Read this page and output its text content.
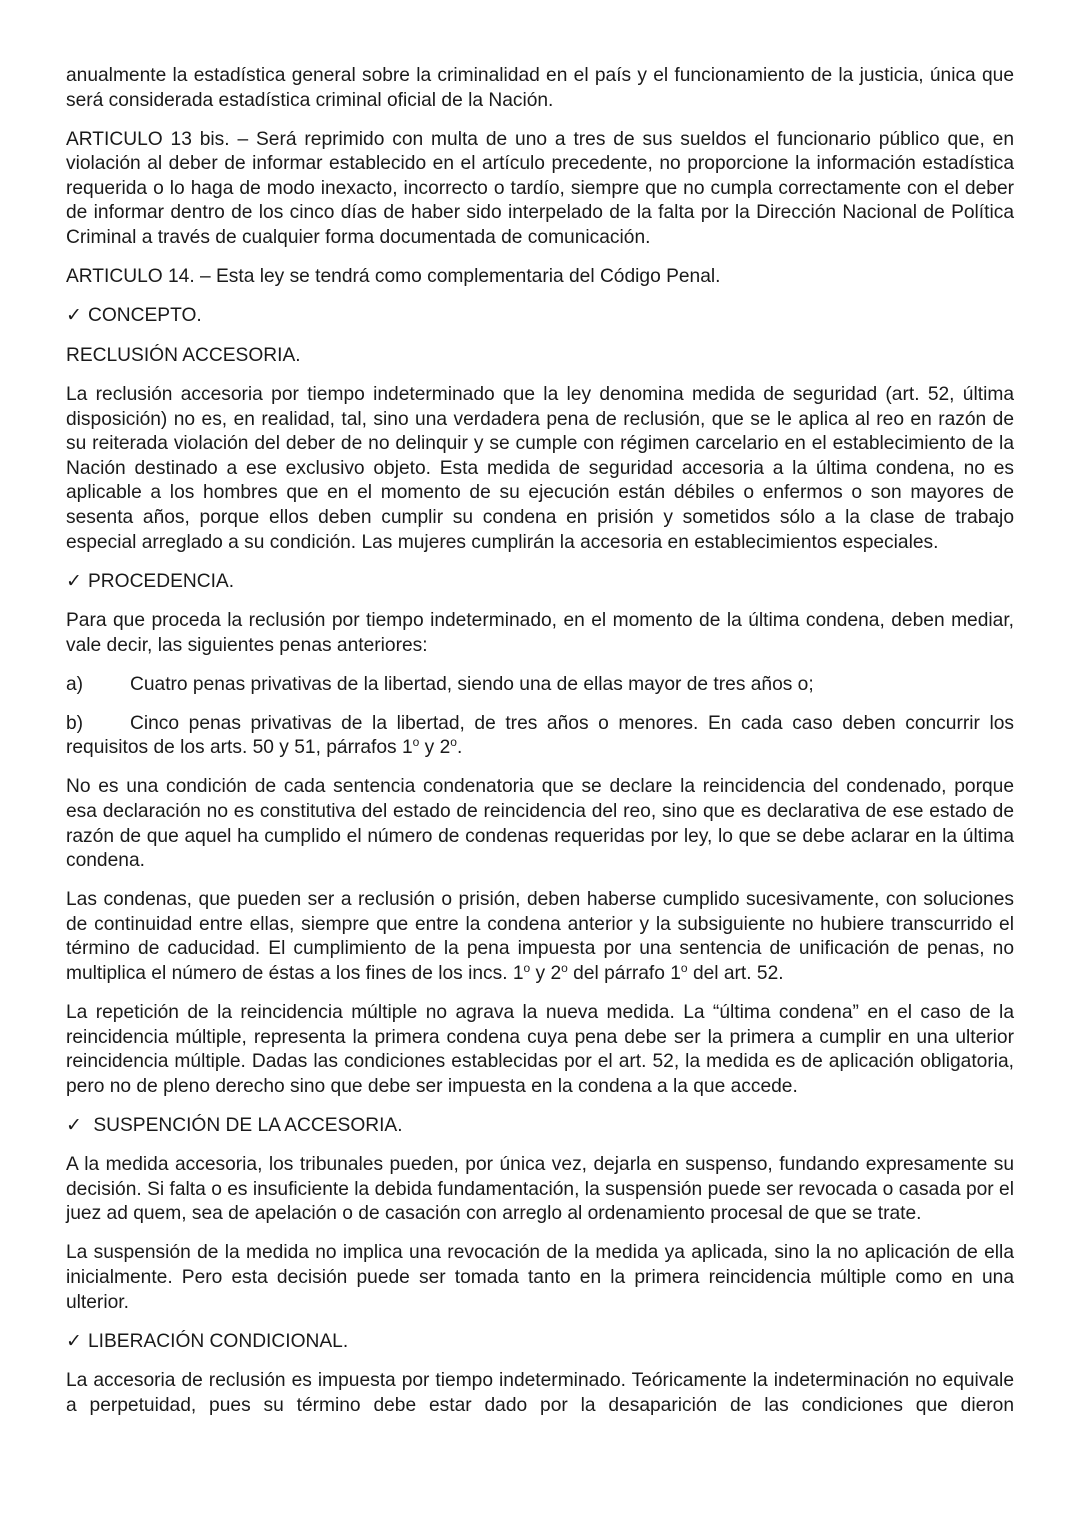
anualmente la estadística general sobre la criminalidad en el país y el funcionamiento de la justicia, única que será considerada estadística criminal oficial de la Nación.

ARTICULO 13 bis. – Será reprimido con multa de uno a tres de sus sueldos el funcionario público que, en violación al deber de informar establecido en el artículo precedente, no proporcione la información estadística requerida o lo haga de modo inexacto, incorrecto o tardío, siempre que no cumpla correctamente con el deber de informar dentro de los cinco días de haber sido interpelado de la falta por la Dirección Nacional de Política Criminal a través de cualquier forma documentada de comunicación.

ARTICULO 14. – Esta ley se tendrá como complementaria del Código Penal.

✓ CONCEPTO.

RECLUSIÓN ACCESORIA.

La reclusión accesoria por tiempo indeterminado que la ley denomina medida de seguridad (art. 52, última disposición) no es, en realidad, tal, sino una verdadera pena de reclusión, que se le aplica al reo en razón de su reiterada violación del deber de no delinquir y se cumple con régimen carcelario en el establecimiento de la Nación destinado a ese exclusivo objeto. Esta medida de seguridad accesoria a la última condena, no es aplicable a los hombres que en el momento de su ejecución están débiles o enfermos o son mayores de sesenta años, porque ellos deben cumplir su condena en prisión y sometidos sólo a la clase de trabajo especial arreglado a su condición. Las mujeres cumplirán la accesoria en establecimientos especiales.

✓ PROCEDENCIA.

Para que proceda la reclusión por tiempo indeterminado, en el momento de la última condena, deben mediar, vale decir, las siguientes penas anteriores:

a)	Cuatro penas privativas de la libertad, siendo una de ellas mayor de tres años o;

b) Cinco penas privativas de la libertad, de tres años o menores. En cada caso deben concurrir los requisitos de los arts. 50 y 51, párrafos 1$^o$ y 2$^o$.

No es una condición de cada sentencia condenatoria que se declare la reincidencia del condenado, porque esa declaración no es constitutiva del estado de reincidencia del reo, sino que es declarativa de ese estado de razón de que aquel ha cumplido el número de condenas requeridas por ley, lo que se debe aclarar en la última condena.

Las condenas, que pueden ser a reclusión o prisión, deben haberse cumplido sucesivamente, con soluciones de continuidad entre ellas, siempre que entre la condena anterior y la subsiguiente no hubiere transcurrido el término de caducidad. El cumplimiento de la pena impuesta por una sentencia de unificación de penas, no multiplica el número de éstas a los fines de los incs. 1$^o$ y 2$^o$ del párrafo 1$^o$ del art. 52.

La repetición de la reincidencia múltiple no agrava la nueva medida. La “última condena” en el caso de la reincidencia múltiple, representa la primera condena cuya pena debe ser la primera a cumplir en una ulterior reincidencia múltiple. Dadas las condiciones establecidas por el art. 52, la medida es de aplicación obligatoria, pero no de pleno derecho sino que debe ser impuesta en la condena a la que accede.

✓ SUSPENCIÓN DE LA ACCESORIA.

A la medida accesoria, los tribunales pueden, por única vez, dejarla en suspenso, fundando expresamente su decisión. Si falta o es insuficiente la debida fundamentación, la suspensión puede ser revocada o casada por el juez ad quem, sea de apelación o de casación con arreglo al ordenamiento procesal de que se trate.

La suspensión de la medida no implica una revocación de la medida ya aplicada, sino la no aplicación de ella inicialmente. Pero esta decisión puede ser tomada tanto en la primera reincidencia múltiple como en una ulterior.

✓ LIBERACIÓN CONDICIONAL.

La accesoria de reclusión es impuesta por tiempo indeterminado. Teóricamente la indeterminación no equivale a perpetuidad, pues su término debe estar dado por la desaparición de las condiciones que dieron
